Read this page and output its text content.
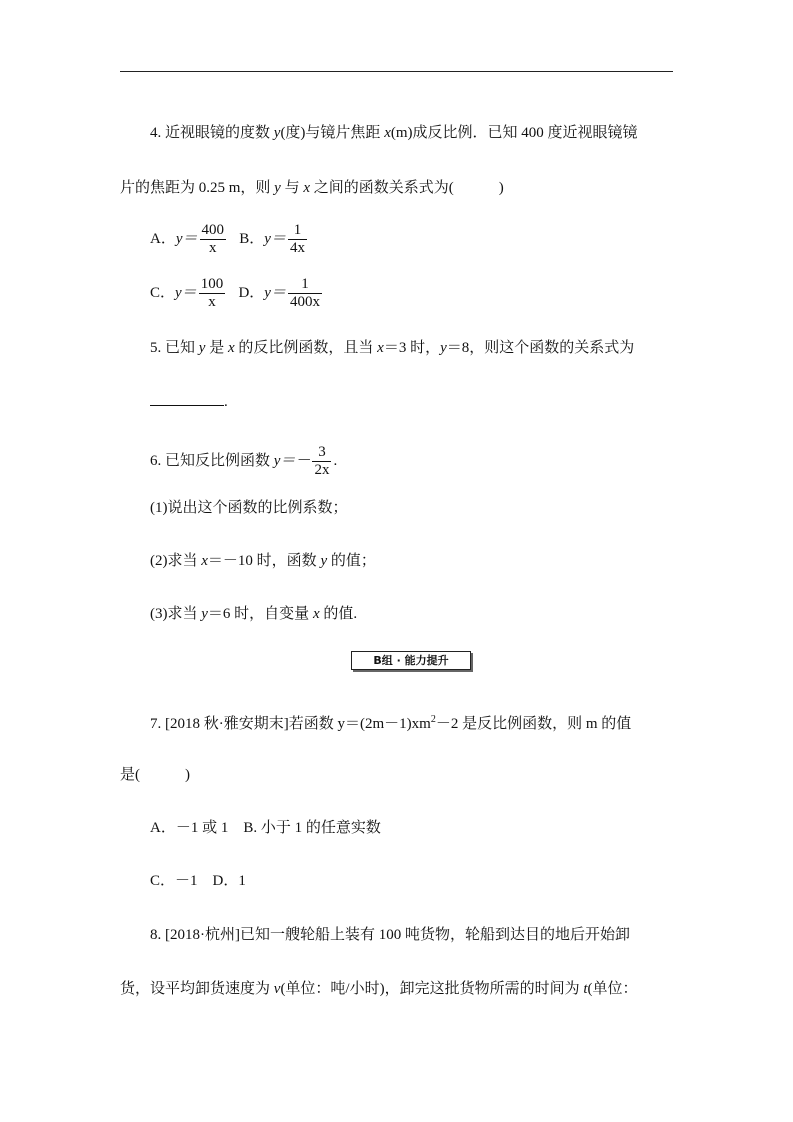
4. 近视眼镜的度数 y(度)与镜片焦距 x(m)成反比例．已知 400 度近视眼镜镜
片的焦距为 0.25 m，则 y 与 x 之间的函数关系式为(　　　)
A．$y= \frac{400}{x}$ B．$y= \frac{1}{4x}$
C．$y= \frac{100}{x}$ D．$y= \frac{1}{400x}$
5. 已知 y 是 x 的反比例函数，且当 x＝3 时，y＝8，则这个函数的关系式为
.
6. 已知反比例函数 $y=- \frac{3}{2x}$ .
(1)说出这个函数的比例系数；
(2)求当 x＝－10 时，函数 y 的值；
(3)求当 y＝6 时，自变量 x 的值.
B组 · 能力提升
7. [2018 秋·雅安期末]若函数 $y=(2m-1)xm^2-2$ 是反比例函数，则 m 的值
是(　　　)
A．－1 或 1　B. 小于 1 的任意实数
C．－1　D．1
8. [2018·杭州]已知一艘轮船上装有 100 吨货物，轮船到达目的地后开始卸
货，设平均卸货速度为 v(单位：吨/小时)，卸完这批货物所需的时间为 t(单位：
